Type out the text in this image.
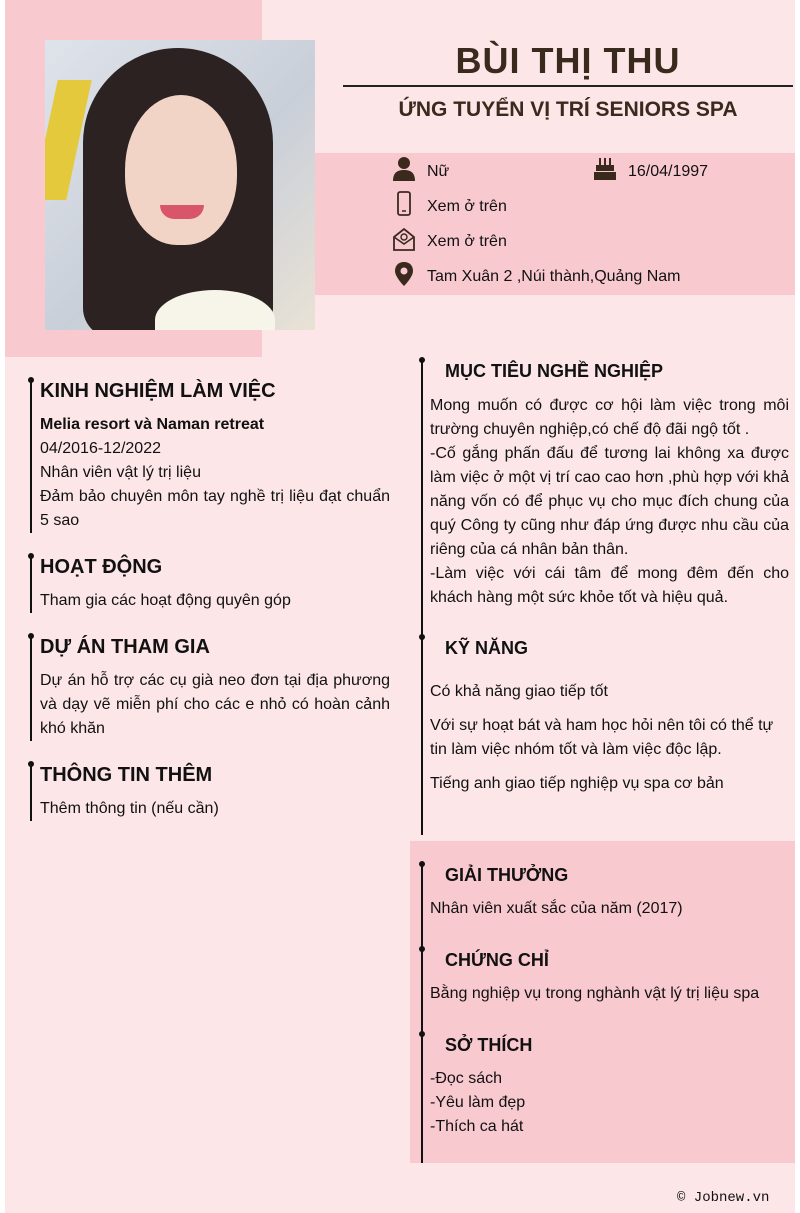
BÙI THỊ THU
ỨNG TUYỂN VỊ TRÍ SENIORS SPA
Nữ	16/04/1997
Xem ở trên
Xem ở trên
Tam Xuân 2 ,Núi thành,Quảng Nam
KINH NGHIỆM LÀM VIỆC
Melia resort và Naman retreat
04/2016-12/2022
Nhân viên vật lý trị liệu
Đảm bảo chuyên môn tay nghề trị liệu đạt chuẩn 5 sao
HOẠT ĐỘNG
Tham gia các hoạt động quyên góp
DỰ ÁN THAM GIA
Dự án hỗ trợ các cụ già neo đơn tại địa phương và dạy vẽ miễn phí cho các e nhỏ có hoàn cảnh khó khăn
THÔNG TIN THÊM
Thêm thông tin (nếu cần)
MỤC TIÊU NGHỀ NGHIỆP
Mong muốn có được cơ hội làm việc trong môi trường chuyên nghiệp,có chế độ đãi ngộ tốt .
-Cố gắng phấn đấu để tương lai không xa được làm việc ở một vị trí cao cao hơn ,phù hợp với khả năng vốn có để phục vụ cho mục đích chung của quý Công ty cũng như đáp ứng được nhu cầu của riêng của cá nhân bản thân.
-Làm việc với cái tâm để mong đêm đến cho khách hàng một sức khỏe tốt và hiệu quả.
KỸ NĂNG
Có khả năng giao tiếp tốt
Với sự hoạt bát và ham học hỏi nên tôi có thể tự tin làm việc nhóm tốt và làm việc độc lập.
Tiếng anh giao tiếp nghiệp vụ spa cơ bản
GIẢI THƯỞNG
Nhân viên xuất sắc của năm (2017)
CHỨNG CHỈ
Bằng nghiệp vụ trong nghành vật lý trị liệu spa
SỞ THÍCH
-Đọc sách
-Yêu làm đẹp
-Thích ca hát
© Jobnew.vn
